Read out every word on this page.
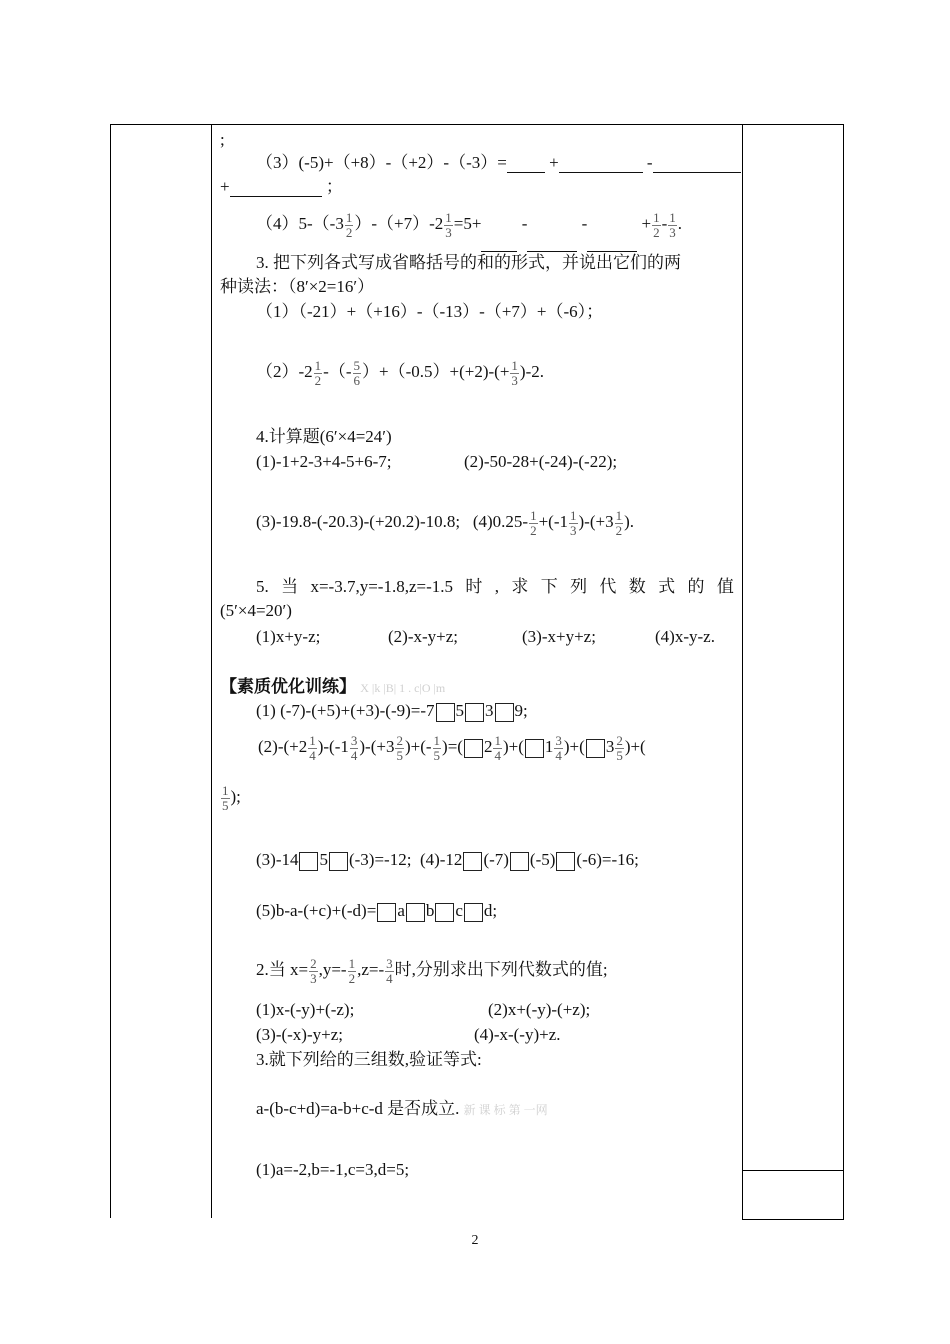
;
（3）(-5)+（+8）-（+2）-（-3）= +	-
+	；
$(4)5-(-3 \frac{1}{2} )-(+7)-2 \frac{1}{3} =5+$ -	-	+ $\frac{1}{2} - \frac{1}{3}$ .
3. 把下列各式写成省略括号的和的形式，并说出它们的两
种读法：（8′×2=16′）
（1）（-21）+（+16）-（-13）-（+7）+（-6）；
$(2)-2 \frac{1}{2}$ -（- $\frac{5}{6} )+(-0.5)+(+2)-(+ \frac{1}{3} )-2$.
4.计算题(6′×4=24′)
(1)-1+2-3+4-5+6-7;	(2)-50-28+(-24)-(-22);
(3)-19.8-(-20.3)-(+20.2)-10.8; $(4)0.25- \frac{1}{2} +(-1 \frac{1}{3} )-(+3 \frac{1}{2}$ ).
5. 当 x=-3.7,y=-1.8,z=-1.5 时 , 求 下 列 代 数 式 的 值
(5′×4=20′)
(1)x+y-z;	(2)-x-y+z;	(3)-x+y+z;	(4)x-y-z.
【素质优化训练】 X |k |B| 1 . c|O |m
(1) (-7)-(+5)+(+3)-(-9)=-7 5 3 9;
$(2)-(+2 \frac{1}{4} )-(-1 \frac{3}{4} )-(+3 \frac{2}{5}$ )+(- $\frac{1}{5}$ )=( $2 \frac{1}{4}$ )+( $1 \frac{3}{4}$ )+( $3 \frac{2}{5}$ )+(
$\frac{1}{5}$ );
(3)-14 5 (-3)=-12; (4)-12 (-7) (-5) (-6)=-16;
(5)b-a-(+c)+(-d)= a b c d;
2.当 $x= \frac{2}{3} ,y=- \frac{1}{2} ,z=- \frac{3}{4}$ 时,分别求出下列代数式的值;
(1)x-(-y)+(-z);	(2)x+(-y)-(+z);
(3)-(-x)-y+z;	(4)-x-(-y)+z.
3.就下列给的三组数,验证等式:
a-(b-c+d)=a-b+c-d 是否成立. 新 课 标 第 一网
(1)a=-2,b=-1,c=3,d=5;
2
